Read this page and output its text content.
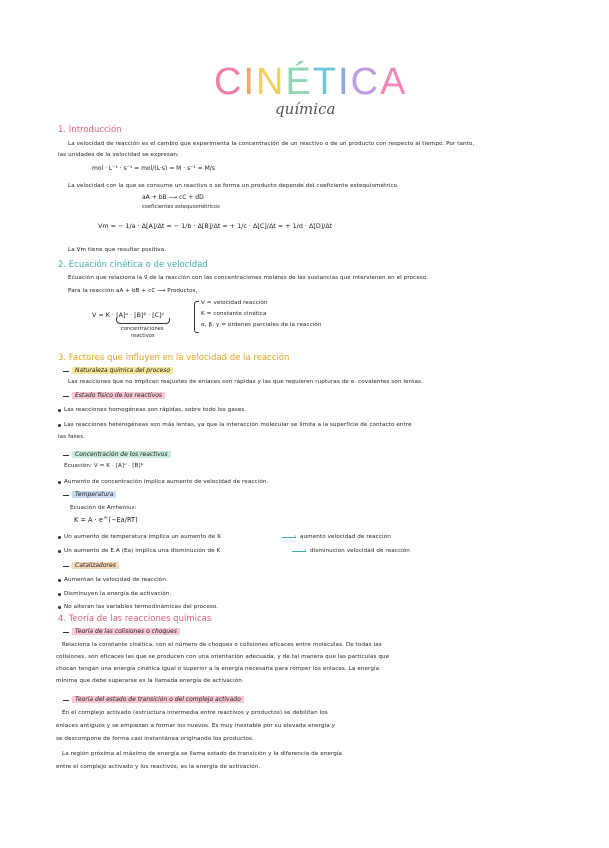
CINÉTICA
química
1. Introducción
La velocidad de reacción es el cambio que experimenta la concentración de un reactivo o de un producto con respecto al tiempo. Por tanto,
las unidades de la velocidad se expresan:
mol · L⁻¹ · s⁻¹ = mol/(L·s) = M · s⁻¹ = M/s
La velocidad con la que se consume un reactivo o se forma un producto depende del coeficiente estequiométrico.
aA + bB ⟶ cC + dD
coeficientes estequiométricos
Vm = − 1/a · Δ[A]/Δt = − 1/b · Δ[B]/Δt = + 1/c · Δ[C]/Δt = + 1/d · Δ[D]/Δt
La Vm tiene que resultar positiva.
2. Ecuación cinética o de velocidad
Ecuación que relaciona la v⃗ de la reacción con las concentraciones molares de las sustancias que intervienen en el proceso.
Para la reacción aA + bB + cC ⟶ Productos,
V = K · [A]ᵅ · [B]ᵝ · [C]ᵞ
concentraciones
reactivos
V = velocidad reacción
K = constante cinética
α, β, γ = órdenes parciales de la reacción
3. Factores que influyen en la velocidad de la reacción
Naturaleza química del proceso
Las reacciones que no implican reajustes de enlaces son rápidas y las que requieren rupturas de e. covalentes son lentas.
Estado físico de los reactivos
Las reacciones homogéneas son rápidas, sobre todo los gases.
Las reacciones heterogéneas son más lentas, ya que la interacción molecular se limita a la superficie de contacto entre
las fases.
Concentración de los reactivos
Ecuación: V = K · [A]ᵅ · [B]ᵝ
Aumento de concentración implica aumento de velocidad de reacción.
Temperatura
Ecuación de Arrhenius:
K = A · e^(−Ea/RT)
Un aumento de temperatura implica un aumento de K	› aumento velocidad de reacción
Un aumento de E.A (Ea) implica una disminución de K	› disminución velocidad de reacción
Catalizadores
Aumentan la velocidad de reacción.
Disminuyen la energía de activación.
No alteran las variables termodinámicas del proceso.
4. Teoría de las reacciones químicas
Teoría de las colisiones o choques
Relaciona la constante cinética, con el número de choques o colisiones eficaces entre moléculas. De todas las
colisiones, son eficaces las que se producen con una orientación adecuada, y de tal manera que las partículas que
chocan tengan una energía cinética igual o superior a la energía necesaria para romper los enlaces. La energía
mínima que debe superarse es la llamada energía de activación.
Teoría del estado de transición o del complejo activado
En el complejo activado (estructura intermedia entre reactivos y productos) se debilitan los
enlaces antiguos y se empiezan a formar los nuevos. Es muy inestable por su elevada energía y
se descompone de forma casi instantánea originando los productos.
La región próxima al máximo de energía se llama estado de transición y la diferencia de energía
entre el complejo activado y los reactivos, es la energía de activación.
